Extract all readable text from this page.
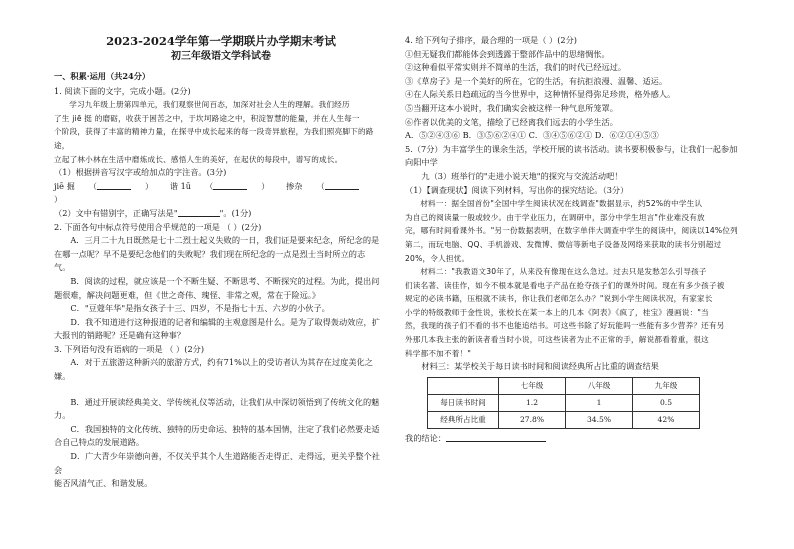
2023-2024学年第一学期联片办学期末考试
初三年级语文学科试卷
一、积累·运用（共24分）

1. 阅读下面的文字，完成小题。(2分)

学习九年级上册第四单元，我们观察世间百态，加深对社会人生的理解。我们经历

了生 jiē 挺 的磨砺，收获于困苦之中，于坎坷路途之中，积淀智慧的能量，并在人生每一

个阶段，获得了丰富的精神力量，在探寻中成长起来的每一段奇异旅程，为我们照亮脚下的路途，

立起了林小林在生活中磨炼成长、感悟人生的美好，在起伏的每段中，谱写的成长。

（1）根据拼音写汉字或给加点的字注音。(3分)

jiē 掘 （	） 谐 1ū （	） 掺杂 （）

（2）文中有错别字，正确写法是"	"。(1分)

2. 下面各句中标点符号使用合乎规范的一项是 （ ）(2分)

A．三月二十九日既然是七十二烈士起义失败的一日，我们证是要来纪念，所纪念的是

在哪一点呢？早不是要纪念他们的失败呢？我们现在所纪念的一点是烈士当时所立的志

气。

B．阅读的过程，就应该是一个不断生疑、不断思考、不断探究的过程。为此，提出问

题很难，解决问题更难，但《世之奇伟、瑰怪、非常之观，常在于险远。》

C．"豆蔻年华"是指女孩子十三、四岁，不是指七十五、六岁的小伙子。

D．我不知道进行这种报道的记者和编辑的主观意图是什么。是为了取得轰动效应，扩

大报刊的销路呢？还是确有这种事？

3. 下列语句没有语病的一项是 （ ）(2分)

A．对于五旅游这种新兴的旅游方式，约有71%以上的受访者认为其存在过度美化之嫌。

B．通过开展读经典美文、学传统礼仪等活动，让我们从中深切领悟到了传统文化的魅

力。

C．我国独特的文化传统、独特的历史命运、独特的基本国情，注定了我们必然要走适

合自己特点的发展道路。

D．广大青少年崇德向善，不仅关乎其个人生道路能否走得正、走得远，更关乎整个社会

能否风清气正、和谐发展。

4. 给下列句子排序，最合理的一项是（ ）(2分)

①但无疑我们都能体会到透露于整部作品中的思绪惆怅。

②这种看似平常实则并不简单的生活，我们的时代已经远过。

③《草房子》是一个美好的所在，它的生活，有抗拒浪漫、温馨、适运。

④在人际关系日趋疏远的当今世界中，这种情怀显得弥足珍贵，格外感人。

⑤当翻开这本小说时，我们确实会被这样一种气息所笼罩。

⑥作者以优美的文笔，描绘了已经离我们远去的小学生活。

A．⑤②④③⑥ B．③⑤⑥②④① C．③④⑤⑥②① D．⑥②①④⑤③

5.（7分）为丰富学生的课余生活，学校开展的读书活动。读书要积极参与，让我们一起参加向阳中学

九（3）班举行的"走进小说天地"的探究与交流活动吧！

（1）【调查现状】阅读下列材料，写出你的探究结论。（3分）

材料一：据全国首份"全国中学生阅读状况在线调查"数据显示，约52%的中学生认

为自己的阅读量一般或较少。由于学业压力，在调研中，部分中学生坦言"作业难没有放

完，哪有时间看课外书。"另一份数据表明，在数字单伴大调查中学生的阅读中，阅读以14%位列

第二，而玩电脑、QQ、手机游戏、发微博、微信等新电子设备及网络来获取的读书分别超过

20%，令人担忧。

材料二："我教语文30年了，从来没有像现在这么急过。过去只是发愁怎么引导孩子

们读名著、读佳作，如今不根本就是看电子产品在抢夺孩子们的课外时间。现在有多少孩子被

规定的必读书籍，压根就不读书，你让我们老师怎么办？"说到小学生阅读状况，有家家长

小学的特级教师于金性说，张校长在某一本上的几本《阿表》《疯了，桂宝》漫画说："当

然，我现的孩子们不看的书不也能追结书。可这些书除了好玩能吗一些能有多少营养？还有另

外那几本我主张的新读者看当时小说，可这些读者为止不正常的手，解说都看着重，很这

科学都不加不着！"

材料三：某学校关于每日读书时间和阅读经典所占比重的调查结果

	七年级	八年级	九年级
每日读书时间	1.2	1	0.5
经典所占比重	27.8%	34.5%	42%

我的结论：
